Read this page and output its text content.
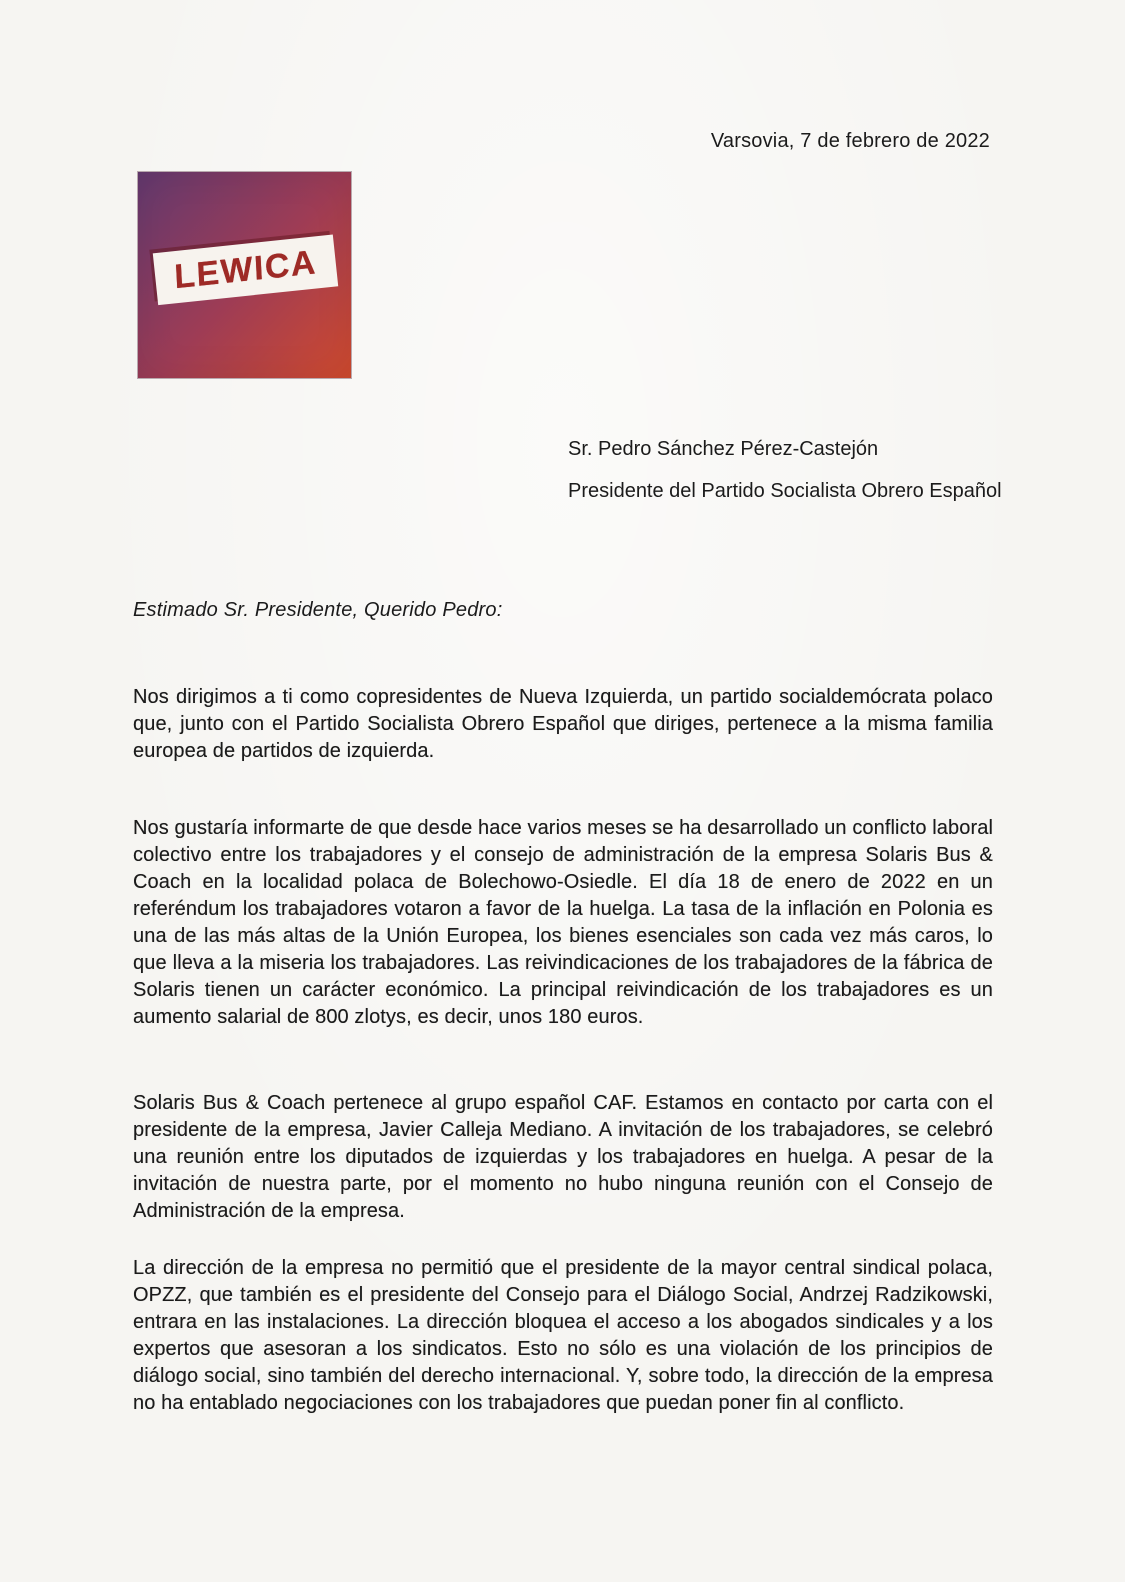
Varsovia, 7 de febrero de 2022
LEWICA
Sr. Pedro Sánchez Pérez-Castejón
Presidente del Partido Socialista Obrero Español
Estimado Sr. Presidente, Querido Pedro:

Nos dirigimos a ti como copresidentes de Nueva Izquierda, un partido socialdemócrata polaco que, junto con el Partido Socialista Obrero Español que diriges, pertenece a la misma familia europea de partidos de izquierda.

Nos gustaría informarte de que desde hace varios meses se ha desarrollado un conflicto laboral colectivo entre los trabajadores y el consejo de administración de la empresa Solaris Bus & Coach en la localidad polaca de Bolechowo-Osiedle. El día 18 de enero de 2022 en un referéndum los trabajadores votaron a favor de la huelga. La tasa de la inflación en Polonia es una de las más altas de la Unión Europea, los bienes esenciales son cada vez más caros, lo que lleva a la miseria los trabajadores. Las reivindicaciones de los trabajadores de la fábrica de Solaris tienen un carácter económico. La principal reivindicación de los trabajadores es un aumento salarial de 800 zlotys, es decir, unos 180 euros.

Solaris Bus & Coach pertenece al grupo español CAF. Estamos en contacto por carta con el presidente de la empresa, Javier Calleja Mediano. A invitación de los trabajadores, se celebró una reunión entre los diputados de izquierdas y los trabajadores en huelga. A pesar de la invitación de nuestra parte, por el momento no hubo ninguna reunión con el Consejo de Administración de la empresa.

La dirección de la empresa no permitió que el presidente de la mayor central sindical polaca, OPZZ, que también es el presidente del Consejo para el Diálogo Social, Andrzej Radzikowski, entrara en las instalaciones. La dirección bloquea el acceso a los abogados sindicales y a los expertos que asesoran a los sindicatos. Esto no sólo es una violación de los principios de diálogo social, sino también del derecho internacional. Y, sobre todo, la dirección de la empresa no ha entablado negociaciones con los trabajadores que puedan poner fin al conflicto.
